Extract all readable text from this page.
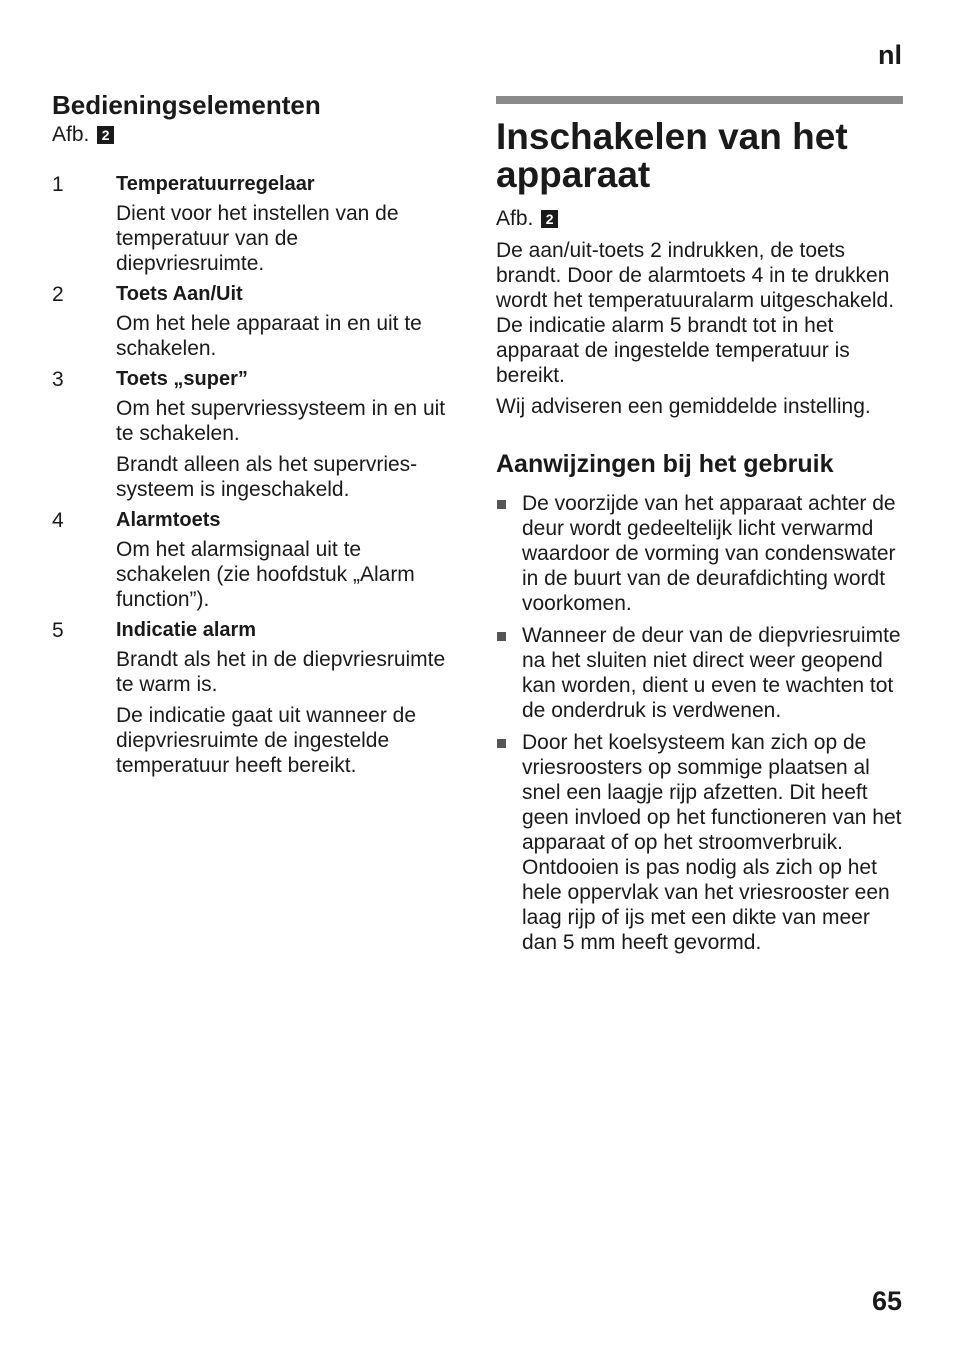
nl
Bedieningselementen

Afb. 2

1	Temperatuurregelaar

Dient voor het instellen van de temperatuur van de diepvriesruimte.

2	Toets Aan/Uit

Om het hele apparaat in en uit te schakelen.

3	Toets „super”

Om het supervriessysteem in en uit te schakelen.

Brandt alleen als het supervriessysteem is ingeschakeld.

4	Alarmtoets

Om het alarmsignaal uit te schakelen (zie hoofdstuk „Alarm function”).

5	Indicatie alarm

Brandt als het in de diepvriesruimte te warm is.

De indicatie gaat uit wanneer de diepvriesruimte de ingestelde temperatuur heeft bereikt.

Inschakelen van het apparaat

Afb. 2

De aan/uit-toets 2 indrukken, de toets brandt. Door de alarmtoets 4 in te drukken wordt het temperatuuralarm uitgeschakeld. De indicatie alarm 5 brandt tot in het apparaat de ingestelde temperatuur is bereikt.

Wij adviseren een gemiddelde instelling.

Aanwijzingen bij het gebruik
De voorzijde van het apparaat achter de deur wordt gedeeltelijk licht verwarmd waardoor de vorming van condenswater in de buurt van de deurafdichting wordt voorkomen.
Wanneer de deur van de diepvriesruimte na het sluiten niet direct weer geopend kan worden, dient u even te wachten tot de onderdruk is verdwenen.
Door het koelsysteem kan zich op de vriesroosters op sommige plaatsen al snel een laagje rijp afzetten. Dit heeft geen invloed op het functioneren van het apparaat of op het stroomverbruik. Ontdooien is pas nodig als zich op het hele oppervlak van het vriesrooster een laag rijp of ijs met een dikte van meer dan 5 mm heeft gevormd.
65
